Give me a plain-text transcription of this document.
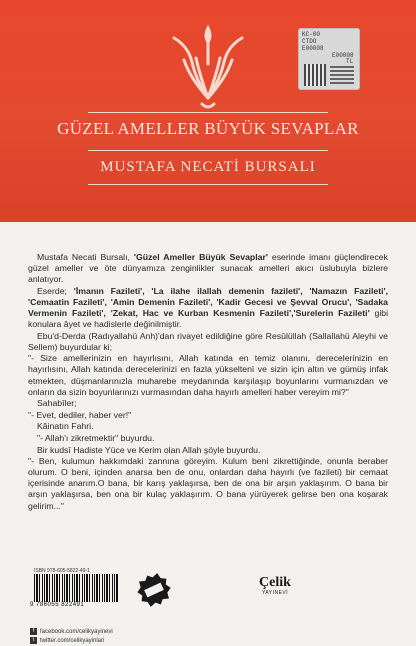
KC-00
CTDO
E00008
E00008
TL
GÜZEL AMELLER BÜYÜK SEVAPLAR
MUSTAFA NECATİ BURSALI

Mustafa Necati Bursalı, 'Güzel Ameller Büyük Sevaplar' eserinde imanı güçlendirecek güzel ameller ve öte dünyamıza zenginlikler sunacak amelleri akıcı üslubuyla bizlere anlatıyor.

Eserde; 'İmanın Fazileti', 'La ilahe ilallah demenin fazileti', 'Namazın Fazileti', 'Cemaatin Fazileti', 'Amin Demenin Fazileti', 'Kadir Gecesi ve Şevval Orucu', 'Sadaka Vermenin Fazileti', 'Zekat, Hac ve Kurban Kesmenin Fazileti','Surelerin Fazileti' gibi konulara âyet ve hadislerle değinilmiştir.

Ebu'd-Derda (Radıyallahü Anh)'dan rivayet edildiğine göre Resûlüllah (Sallallahü Aleyhi ve Sellem) buyurdular ki;

"- Size amellerinizin en hayırlısını, Allah katında en temiz olanını, derecelerinizin en hayırlısını, Allah katında derecelerinizi en fazla yükseltenì ve sizin için altın ve gümüş infak etmekten, düşmanlarınızla muharebe meydanında karşılaşıp boyunlarını vurmanızdan ve onların da sizin boyunlarınızı vurmasından daha hayırlı amelleri haber vereyim mi?"

Sahabîler;

"- Evet, dediler, haber ver!"

Kâinatın Fahri.

"- Allah'ı zikretmektir" buyurdu.

Bir kudsî Hadiste Yüce ve Kerim olan Allah şöyle buyurdu.

"- Ben, kulumun hakkımdaki zannına göreyim. Kulum beni zikrettiğinde, onunla beraber olurum. O beni, içinden anarsa ben de onu, onlardan daha hayırlı (ve fazileti) bir cemaat içerisinde anarım.O bana, bir karış yaklaşırsa, ben de ona bir arşın yaklaşırım. O bana bir arşın yaklaşırsa, ben ona bir kulaç yaklaşırım. O bana yürüyerek gelirse ben ona koşarak gelirim..."

ISBN 978-605-5822-49-1
9 786055 822491
Çelik
YAYINEVİ
f facebook.com/celikyayinevi
t twitter.com/celikyayinlari
